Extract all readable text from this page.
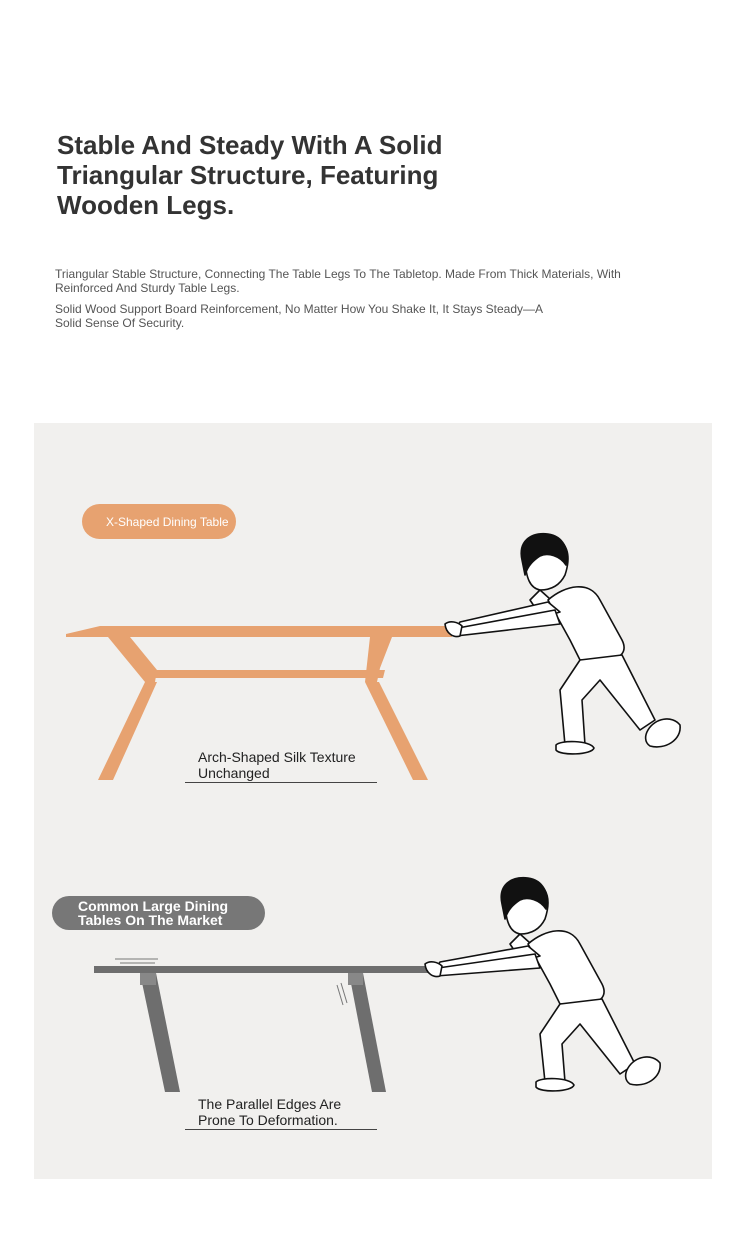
Stable And Steady With A Solid Triangular Structure, Featuring Wooden Legs.

Triangular Stable Structure, Connecting The Table Legs To The Tabletop. Made From Thick Materials, With Reinforced And Sturdy Table Legs.

Solid Wood Support Board Reinforcement, No Matter How You Shake It, It Stays Steady—A Solid Sense Of Security.

X-Shaped Dining Table
Common Large Dining
Tables On The Market
Arch-Shaped Silk Texture
Unchanged
The Parallel Edges Are
Prone To Deformation.
